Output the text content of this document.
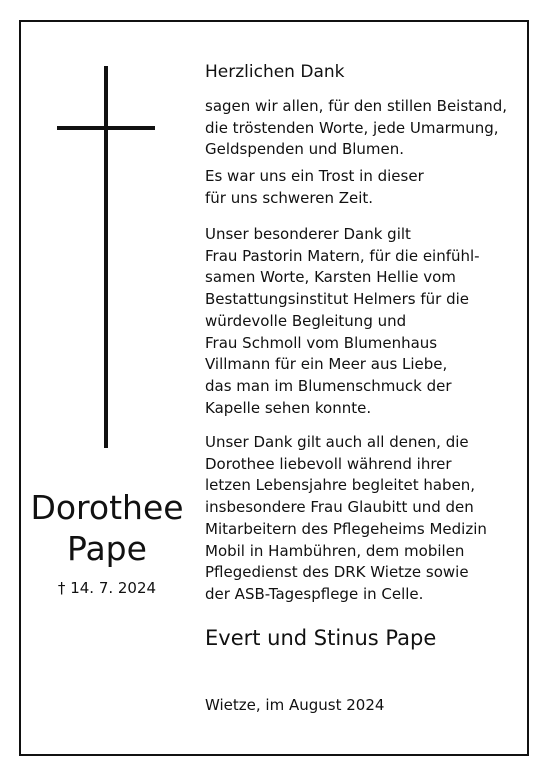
Dorothee
Pape
† 14. 7. 2024
Herzlichen Dank
sagen wir allen, für den stillen Beistand,
die tröstenden Worte, jede Umarmung,
Geldspenden und Blumen.
Es war uns ein Trost in dieser
für uns schweren Zeit.
Unser besonderer Dank gilt
Frau Pastorin Matern, für die einfühl-
samen Worte, Karsten Hellie vom
Bestattungsinstitut Helmers für die
würdevolle Begleitung und
Frau Schmoll vom Blumenhaus
Villmann für ein Meer aus Liebe,
das man im Blumenschmuck der
Kapelle sehen konnte.
Unser Dank gilt auch all denen, die
Dorothee liebevoll während ihrer
letzen Lebensjahre begleitet haben,
insbesondere Frau Glaubitt und den
Mitarbeitern des Pflegeheims Medizin
Mobil in Hambühren, dem mobilen
Pflegedienst des DRK Wietze sowie
der ASB-Tagespflege in Celle.
Evert und Stinus Pape
Wietze, im August 2024
